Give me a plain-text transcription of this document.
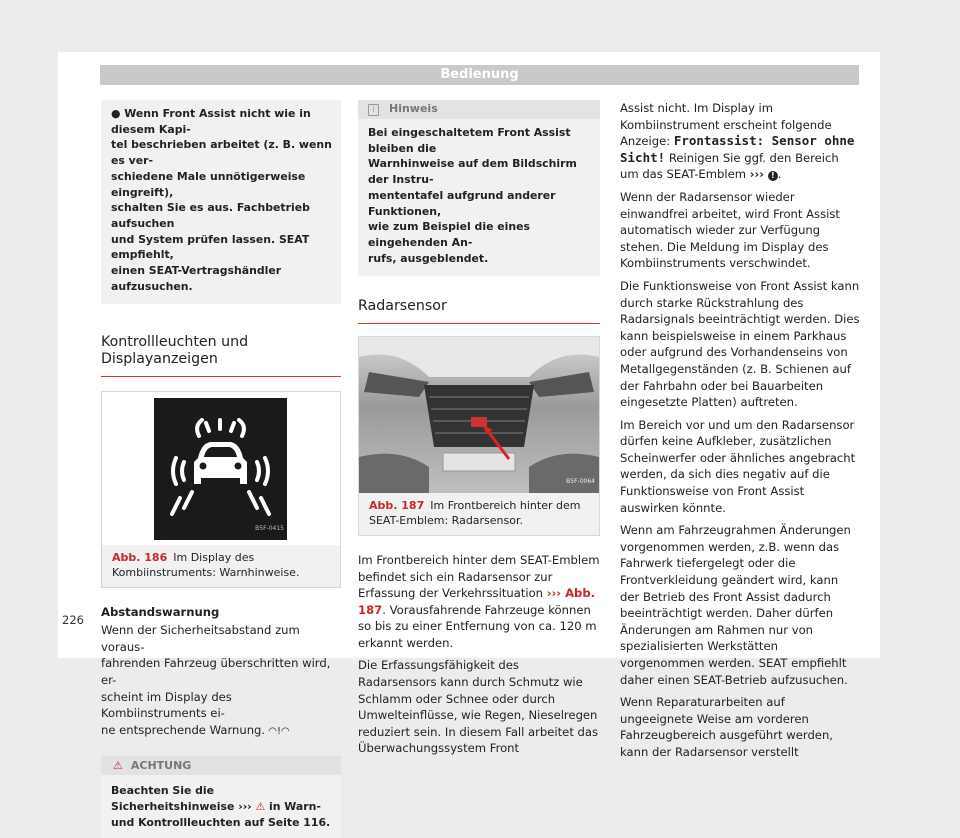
Bedienung
● Wenn Front Assist nicht wie in diesem Kapi-
tel beschrieben arbeitet (z. B. wenn es ver-
schiedene Male unnötigerweise eingreift),
schalten Sie es aus. Fachbetrieb aufsuchen
und System prüfen lassen. SEAT empfiehlt,
einen SEAT-Vertragshändler aufzusuchen.
Kontrollleuchten und Displayanzeigen
B5F-0415
Abb. 186 Im Display des Kombiinstruments: Warnhinweise.
Abstandswarnung
Wenn der Sicherheitsabstand zum voraus-
fahrenden Fahrzeug überschritten wird, er-
scheint im Display des Kombiinstruments ei-
ne entsprechende Warnung. ◠!◠
⚠ ACHTUNG
Beachten Sie die Sicherheitshinweise ››› ⚠ in Warn- und Kontrollleuchten auf Seite 116.
i	Hinweis
Bei eingeschaltetem Front Assist bleiben die
Warnhinweise auf dem Bildschirm der Instru-
mententafel aufgrund anderer Funktionen,
wie zum Beispiel die eines eingehenden An-
rufs, ausgeblendet.
Radarsensor
B5F-0064
Abb. 187 Im Frontbereich hinter dem SEAT-Emblem: Radarsensor.

Im Frontbereich hinter dem SEAT-Emblem befindet sich ein Radarsensor zur Erfassung der Verkehrssituation ››› Abb. 187. Vorausfahrende Fahrzeuge können so bis zu einer Entfernung von ca. 120 m erkannt werden.

Die Erfassungsfähigkeit des Radarsensors kann durch Schmutz wie Schlamm oder Schnee oder durch Umwelteinflüsse, wie Regen, Nieselregen reduziert sein. In diesem Fall arbeitet das Überwachungssystem Front

Assist nicht. Im Display im Kombiinstrument erscheint folgende Anzeige: Frontassist: Sensor ohne Sicht! Reinigen Sie ggf. den Bereich um das SEAT-Emblem ››› ! .

Wenn der Radarsensor wieder einwandfrei arbeitet, wird Front Assist automatisch wieder zur Verfügung stehen. Die Meldung im Display des Kombiinstruments verschwindet.

Die Funktionsweise von Front Assist kann durch starke Rückstrahlung des Radarsignals beeinträchtigt werden. Dies kann beispielsweise in einem Parkhaus oder aufgrund des Vorhandenseins von Metallgegenständen (z. B. Schienen auf der Fahrbahn oder bei Bauarbeiten eingesetzte Platten) auftreten.

Im Bereich vor und um den Radarsensor dürfen keine Aufkleber, zusätzlichen Scheinwerfer oder ähnliches angebracht werden, da sich dies negativ auf die Funktionsweise von Front Assist auswirken könnte.

Wenn am Fahrzeugrahmen Änderungen vorgenommen werden, z.B. wenn das Fahrwerk tiefergelegt oder die Frontverkleidung geändert wird, kann der Betrieb des Front Assist dadurch beeinträchtigt werden. Daher dürfen Änderungen am Rahmen nur von spezialisierten Werkstätten vorgenommen werden. SEAT empfiehlt daher einen SEAT-Betrieb aufzusuchen.

Wenn Reparaturarbeiten auf ungeeignete Weise am vorderen Fahrzeugbereich ausgeführt werden, kann der Radarsensor verstellt

226
